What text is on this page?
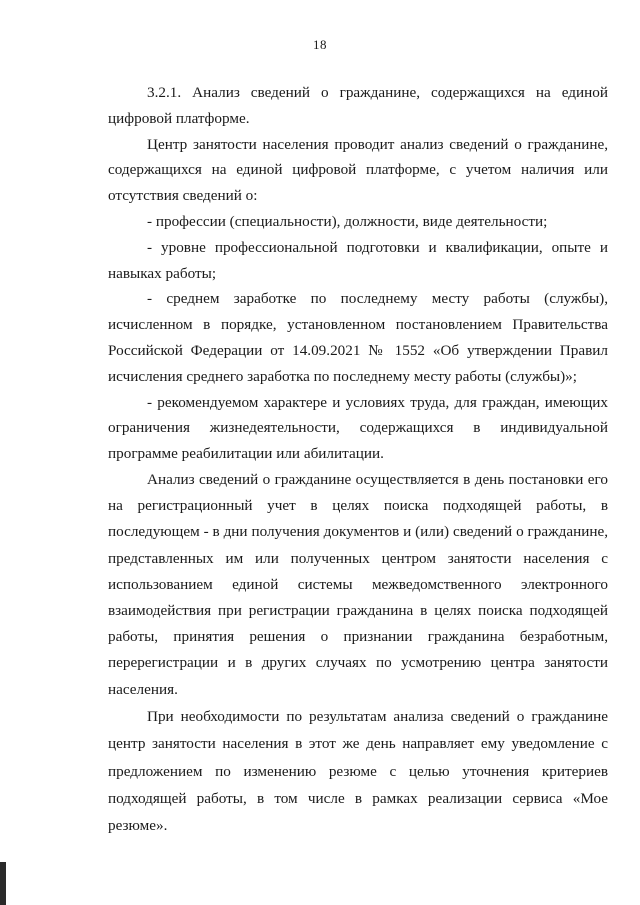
18

3.2.1. Анализ сведений о гражданине, содержащихся на единой цифровой платформе.

Центр занятости населения проводит анализ сведений о гражданине, содержащихся на единой цифровой платформе, с учетом наличия или отсутствия сведений о:

- профессии (специальности), должности, виде деятельности;

- уровне профессиональной подготовки и квалификации, опыте и навыках работы;

- среднем заработке по последнему месту работы (службы), исчисленном в порядке, установленном постановлением Правительства Российской Федерации от 14.09.2021 № 1552 «Об утверждении Правил исчисления среднего заработка по последнему месту работы (службы)»;

- рекомендуемом характере и условиях труда, для граждан, имеющих ограничения жизнедеятельности, содержащихся в индивидуальной программе реабилитации или абилитации.

Анализ сведений о гражданине осуществляется в день постановки его на регистрационный учет в целях поиска подходящей работы, в последующем - в дни получения документов и (или) сведений о гражданине, представленных им или полученных центром занятости населения с использованием единой системы межведомственного электронного взаимодействия при регистрации гражданина в целях поиска подходящей работы, принятия решения о признании гражданина безработным, перерегистрации и в других случаях по усмотрению центра занятости населения.

При необходимости по результатам анализа сведений о гражданине центр занятости населения в этот же день направляет ему уведомление с предложением по изменению резюме с целью уточнения критериев подходящей работы, в том числе в рамках реализации сервиса «Мое резюме».
